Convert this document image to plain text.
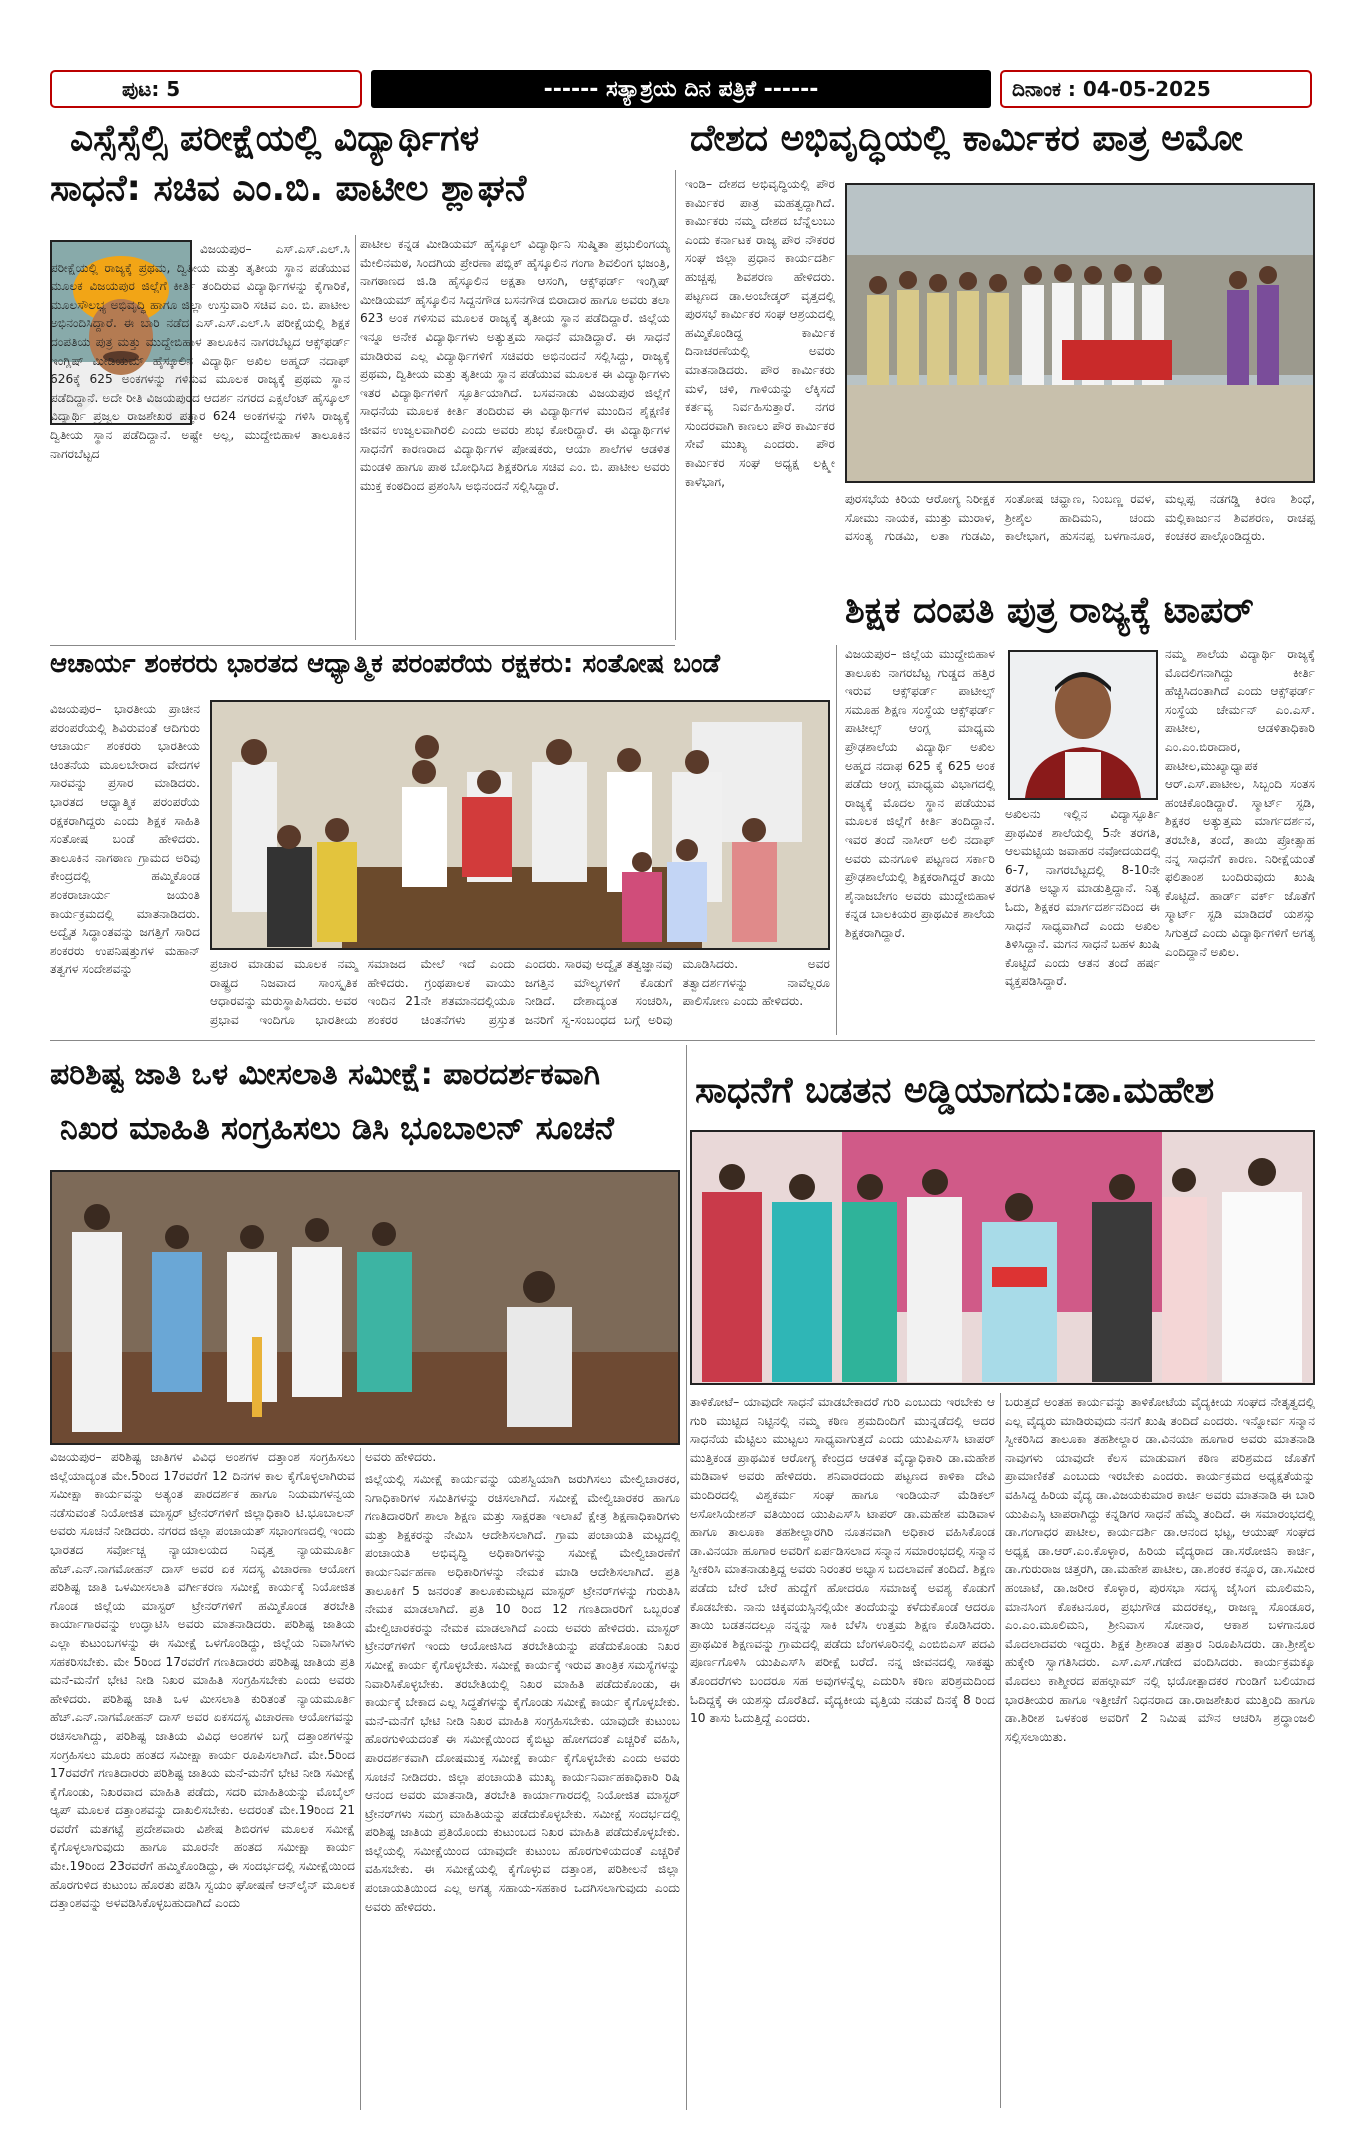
ಪುಟ: 5	------ ಸತ್ಯಾಶ್ರಯ ದಿನ ಪತ್ರಿಕೆ ------	ದಿನಾಂಕ : 04-05-2025
ಎಸ್ಸೆಸ್ಸೆಲ್ಸಿ ಪರೀಕ್ಷೆಯಲ್ಲಿ ವಿದ್ಯಾರ್ಥಿಗಳ
ಸಾಧನೆ: ಸಚಿವ ಎಂ.ಬಿ. ಪಾಟೀಲ ಶ್ಲಾಘನೆ
ವಿಜಯಪುರ– ಎಸ್.ಎಸ್.ಎಲ್.ಸಿ ಪರೀಕ್ಷೆಯಲ್ಲಿ ರಾಜ್ಯಕ್ಕೆ ಪ್ರಥಮ, ದ್ವಿತೀಯ ಮತ್ತು ತೃತೀಯ ಸ್ಥಾನ ಪಡೆಯುವ ಮೂಲಕ ವಿಜಯಪುರ ಜಿಲ್ಲೆಗೆ ಕೀರ್ತಿ ತಂದಿರುವ ವಿದ್ಯಾರ್ಥಿಗಳನ್ನು ಕೈಗಾರಿಕೆ, ಮೂಲಸೌಲಭ್ಯ ಅಭಿವೃದ್ಧಿ ಹಾಗೂ ಜಿಲ್ಲಾ ಉಸ್ತುವಾರಿ ಸಚಿವ ಎಂ. ಬಿ. ಪಾಟೀಲ ಅಭಿನಂದಿಸಿದ್ದಾರೆ. ಈ ಬಾರಿ ನಡೆದ ಎಸ್.ಎಸ್.ಎಲ್.ಸಿ ಪರೀಕ್ಷೆಯಲ್ಲಿ ಶಿಕ್ಷಕ ದಂಪತಿಯ ಪುತ್ರ ಮತ್ತು ಮುದ್ದೇಬಿಹಾಳ ತಾಲೂಕಿನ ನಾಗರಬೆಟ್ಟದ ಆಕ್ಸ್‌ಫರ್ಡ್ ಇಂಗ್ಲಿಷ್ ಮೀಡಿಯಮ್ ಹೈಸ್ಕೂಲಿನ ವಿದ್ಯಾರ್ಥಿ ಅಖಿಲ ಅಹ್ಮದ್ ನದಾಫ್ 626ಕ್ಕೆ 625 ಅಂಕಗಳನ್ನು ಗಳಿಸುವ ಮೂಲಕ ರಾಜ್ಯಕ್ಕೆ ಪ್ರಥಮ ಸ್ಥಾನ ಪಡೆದಿದ್ದಾನೆ. ಅದೇ ರೀತಿ ವಿಜಯಪುರದ ಆದರ್ಶ ನಗರದ ಎಕ್ಸಲೆಂಟ್ ಹೈಸ್ಕೂಲ್ ವಿದ್ಯಾರ್ಥಿ ಪ್ರಜ್ವಲ ರಾಜಶೇಖರ ಪತ್ತಾರ 624 ಅಂಕಗಳನ್ನು ಗಳಿಸಿ ರಾಜ್ಯಕ್ಕೆ ದ್ವಿತೀಯ ಸ್ಥಾನ ಪಡೆದಿದ್ದಾನೆ. ಅಷ್ಟೇ ಅಲ್ಲ, ಮುದ್ದೇಬಿಹಾಳ ತಾಲೂಕಿನ ನಾಗರಬೆಟ್ಟದ
ಪಾಟೀಲ ಕನ್ನಡ ಮೀಡಿಯಮ್ ಹೈಸ್ಕೂಲ್ ವಿದ್ಯಾರ್ಥಿನಿ ಸುಷ್ಮಿತಾ ಪ್ರಭುಲಿಂಗಯ್ಯ ಮೇಲಿನಮಠ, ಸಿಂದಗಿಯ ಪ್ರೇರಣಾ ಪಬ್ಲಿಕ್ ಹೈಸ್ಕೂಲಿನ ಗಂಗಾ ಶಿವಲಿಂಗ ಭಜಂತ್ರಿ, ನಾಗಠಾಣದ ಜಿ.ಡಿ ಹೈಸ್ಕೂಲಿನ ಅಕ್ಷತಾ ಆಸಂಗಿ, ಆಕ್ಸ್‌ಫರ್ಡ್ ಇಂಗ್ಲಿಷ್ ಮೀಡಿಯಮ್ ಹೈಸ್ಕೂಲಿನ ಸಿದ್ದನಗೌಡ ಬಸನಗೌಡ ಬಿರಾದಾರ ಹಾಗೂ ಅವರು ತಲಾ 623 ಅಂಕ ಗಳಿಸುವ ಮೂಲಕ ರಾಜ್ಯಕ್ಕೆ ತೃತೀಯ ಸ್ಥಾನ ಪಡೆದಿದ್ದಾರೆ. ಜಿಲ್ಲೆಯ ಇನ್ನೂ ಅನೇಕ ವಿದ್ಯಾರ್ಥಿಗಳು ಅತ್ಯುತ್ತಮ ಸಾಧನೆ ಮಾಡಿದ್ದಾರೆ. ಈ ಸಾಧನೆ ಮಾಡಿರುವ ಎಲ್ಲ ವಿದ್ಯಾರ್ಥಿಗಳಿಗೆ ಸಚಿವರು ಅಭಿನಂದನೆ ಸಲ್ಲಿಸಿದ್ದು, ರಾಜ್ಯಕ್ಕೆ ಪ್ರಥಮ, ದ್ವಿತೀಯ ಮತ್ತು ತೃತೀಯ ಸ್ಥಾನ ಪಡೆಯುವ ಮೂಲಕ ಈ ವಿದ್ಯಾರ್ಥಿಗಳು ಇತರ ವಿದ್ಯಾರ್ಥಿಗಳಿಗೆ ಸ್ಫೂರ್ತಿಯಾಗಿದೆ. ಬಸವನಾಡು ವಿಜಯಪುರ ಜಿಲ್ಲೆಗೆ ಸಾಧನೆಯ ಮೂಲಕ ಕೀರ್ತಿ ತಂದಿರುವ ಈ ವಿದ್ಯಾರ್ಥಿಗಳ ಮುಂದಿನ ಶೈಕ್ಷಣಿಕ ಜೀವನ ಉಜ್ವಲವಾಗಿರಲಿ ಎಂದು ಅವರು ಶುಭ ಕೋರಿದ್ದಾರೆ. ಈ ವಿದ್ಯಾರ್ಥಿಗಳ ಸಾಧನೆಗೆ ಕಾರಣರಾದ ವಿದ್ಯಾರ್ಥಿಗಳ ಪೋಷಕರು, ಆಯಾ ಶಾಲೆಗಳ ಆಡಳಿತ ಮಂಡಳಿ ಹಾಗೂ ಪಾಠ ಬೋಧಿಸಿದ ಶಿಕ್ಷಕರಿಗೂ ಸಚಿವ ಎಂ. ಬಿ. ಪಾಟೀಲ ಅವರು ಮುಕ್ತ ಕಂಠದಿಂದ ಪ್ರಶಂಸಿಸಿ ಅಭಿನಂದನೆ ಸಲ್ಲಿಸಿದ್ದಾರೆ.
ದೇಶದ ಅಭಿವೃದ್ಧಿಯಲ್ಲಿ ಕಾರ್ಮಿಕರ ಪಾತ್ರ ಅಮೋ
ಇಂಡಿ– ದೇಶದ ಅಭಿವೃದ್ಧಿಯಲ್ಲಿ ಪೌರ ಕಾರ್ಮಿಕರ ಪಾತ್ರ ಮಹತ್ವದ್ದಾಗಿದೆ. ಕಾರ್ಮಿಕರು ನಮ್ಮ ದೇಶದ ಬೆನ್ನೆಲುಬು ಎಂದು ಕರ್ನಾಟಕ ರಾಜ್ಯ ಪೌರ ನೌಕರರ ಸಂಘ ಜಿಲ್ಲಾ ಪ್ರಧಾನ ಕಾರ್ಯದರ್ಶಿ ಹುಚ್ಚಪ್ಪ ಶಿವಶರಣ ಹೇಳಿದರು. ಪಟ್ಟಣದ ಡಾ.ಅಂಬೇಡ್ಕರ್ ವೃತ್ತದಲ್ಲಿ ಪುರಸಭೆ ಕಾರ್ಮಿಕರ ಸಂಘ ಆಶ್ರಯದಲ್ಲಿ ಹಮ್ಮಿಕೊಂಡಿದ್ದ ಕಾರ್ಮಿಕ ದಿನಾಚರಣೆಯಲ್ಲಿ ಅವರು ಮಾತನಾಡಿದರು. ಪೌರ ಕಾರ್ಮಿಕರು ಮಳೆ, ಚಳಿ, ಗಾಳಿಯನ್ನು ಲೆಕ್ಕಿಸದೆ ಕರ್ತವ್ಯ ನಿರ್ವಹಿಸುತ್ತಾರೆ. ನಗರ ಸುಂದರವಾಗಿ ಕಾಣಲು ಪೌರ ಕಾರ್ಮಿಕರ ಸೇವೆ ಮುಖ್ಯ ಎಂದರು. ಪೌರ ಕಾರ್ಮಿಕರ ಸಂಘ ಅಧ್ಯಕ್ಷ ಲಕ್ಷ್ಮೀ ಕಾಳೆಭಾಗ,
ಪುರಸಭೆಯ ಕಿರಿಯ ಆರೋಗ್ಯ ನಿರೀಕ್ಷಕ ಸೋಮು ನಾಯಕ, ಮುತ್ತು ಮುರಾಳ, ವಸಂತ್ಯ ಗುಡಮಿ, ಲತಾ ಗುಡಮಿ, ಸಂತೋಷ ಚವ್ಹಾಣ, ನಿಂಬಣ್ಣ ರವಳ, ಶ್ರೀಶೈಲ ಹಾದಿಮನಿ, ಚಂದು ಕಾಲೇಭಾಗ, ಹುಸನಪ್ಪ ಬಳಗಾನೂರ, ಮಲ್ಲಪ್ಪ ನಡಗಡ್ಡಿ ಕಿರಣ ಶಿಂಧೆ, ಮಲ್ಲಿಕಾರ್ಜುನ ಶಿವಶರಣ, ರಾಚಪ್ಪ ಕಂಚಕರ ಪಾಲ್ಗೊಂಡಿದ್ದರು.
ಆಚಾರ್ಯ ಶಂಕರರು ಭಾರತದ ಆಧ್ಯಾತ್ಮಿಕ ಪರಂಪರೆಯ ರಕ್ಷಕರು: ಸಂತೋಷ ಬಂಡೆ
ವಿಜಯಪುರ– ಭಾರತೀಯ ಪ್ರಾಚೀನ ಪರಂಪರೆಯಲ್ಲಿ ಶಿವಿರುವಂತೆ ಆದಿಗುರು ಆಚಾರ್ಯ ಶಂಕರರು ಭಾರತೀಯ ಚಿಂತನೆಯ ಮೂಲಬೇರಾದ ವೇದಗಳ ಸಾರವನ್ನು ಪ್ರಸಾರ ಮಾಡಿದರು. ಭಾರತದ ಆಧ್ಯಾತ್ಮಿಕ ಪರಂಪರೆಯ ರಕ್ಷಕರಾಗಿದ್ದರು ಎಂದು ಶಿಕ್ಷಕ ಸಾಹಿತಿ ಸಂತೋಷ ಬಂಡೆ ಹೇಳಿದರು. ತಾಲೂಕಿನ ನಾಗಠಾಣ ಗ್ರಾಮದ ಅರಿವು ಕೇಂದ್ರದಲ್ಲಿ ಹಮ್ಮಿಕೊಂಡ ಶಂಕರಾಚಾರ್ಯ ಜಯಂತಿ ಕಾರ್ಯಕ್ರಮದಲ್ಲಿ ಮಾತನಾಡಿದರು. ಅದ್ವೈತ ಸಿದ್ಧಾಂತವನ್ನು ಜಗತ್ತಿಗೆ ಸಾರಿದ ಶಂಕರರು ಉಪನಿಷತ್ತುಗಳ ಮಹಾನ್ ತತ್ವಗಳ ಸಂದೇಶವನ್ನು	ಪ್ರಚಾರ ಮಾಡುವ ಮೂಲಕ ನಮ್ಮ ರಾಷ್ಟ್ರದ ನಿಜವಾದ ಸಾಂಸ್ಕೃತಿಕ ಆಧಾರವನ್ನು ಮರುಸ್ಥಾಪಿಸಿದರು. ಅವರ ಪ್ರಭಾವ ಇಂದಿಗೂ ಭಾರತೀಯ ಸಮಾಜದ ಮೇಲೆ ಇದೆ ಎಂದು ಹೇಳಿದರು. ಗ್ರಂಥಪಾಲಕ ವಾಯು ಇಂದಿನ 21ನೇ ಶತಮಾನದಲ್ಲಿಯೂ ಶಂಕರರ ಚಿಂತನೆಗಳು ಪ್ರಸ್ತುತ ಎಂದರು. ಸಾರವು ಅದ್ವೈತ ತತ್ವಜ್ಞಾನವು ಜಗತ್ತಿನ ಮೌಲ್ಯಗಳಿಗೆ ಕೊಡುಗೆ ನೀಡಿದೆ. ದೇಶಾದ್ಯಂತ ಸಂಚರಿಸಿ, ಜನರಿಗೆ ಸ್ವ-ಸಂಬಂಧದ ಬಗ್ಗೆ ಅರಿವು ಮೂಡಿಸಿದರು. ಅವರ ತತ್ವಾದರ್ಶಗಳನ್ನು ನಾವೆಲ್ಲರೂ ಪಾಲಿಸೋಣ ಎಂದು ಹೇಳಿದರು.
ಶಿಕ್ಷಕ ದಂಪತಿ ಪುತ್ರ ರಾಜ್ಯಕ್ಕೆ ಟಾಪರ್
ವಿಜಯಪುರ– ಜಿಲ್ಲೆಯ ಮುದ್ದೇಬಿಹಾಳ ತಾಲೂಕು ನಾಗರಬೆಟ್ಟ ಗುಡ್ಡದ ಹತ್ತಿರ ಇರುವ ಆಕ್ಸ್‌ಫರ್ಡ್ ಪಾಟೀಲ್ಸ್ ಸಮೂಹ ಶಿಕ್ಷಣ ಸಂಸ್ಥೆಯ ಆಕ್ಸ್‌ಫರ್ಡ್ ಪಾಟೀಲ್ಸ್ ಆಂಗ್ಲ ಮಾಧ್ಯಮ ಪ್ರೌಢಶಾಲೆಯ ವಿದ್ಯಾರ್ಥಿ ಅಖಿಲ ಅಹ್ಮದ ನದಾಫ 625 ಕ್ಕೆ 625 ಅಂಕ ಪಡೆದು ಆಂಗ್ಲ ಮಾಧ್ಯಮ ವಿಭಾಗದಲ್ಲಿ ರಾಜ್ಯಕ್ಕೆ ಮೊದಲ ಸ್ಥಾನ ಪಡೆಯುವ ಮೂಲಕ ಜಿಲ್ಲೆಗೆ ಕೀರ್ತಿ ತಂದಿದ್ದಾನೆ. ಇವರ ತಂದೆ ನಾಸೀರ್ ಅಲಿ ನದಾಫ್ ಅವರು ಮನಗೂಳಿ ಪಟ್ಟಣದ ಸರ್ಕಾರಿ ಪ್ರೌಢಶಾಲೆಯಲ್ಲಿ ಶಿಕ್ಷಕರಾಗಿದ್ದರೆ ತಾಯಿ ಶೈನಾಜಬೇಗಂ ಅವರು ಮುದ್ದೇಬಿಹಾಳ ಕನ್ನಡ ಬಾಲಕಿಯರ ಪ್ರಾಥಮಿಕ ಶಾಲೆಯ ಶಿಕ್ಷಕರಾಗಿದ್ದಾರೆ.
ಅಖಿಲನು ಇಲ್ಲಿನ ವಿದ್ಯಾಸ್ಫೂರ್ತಿ ಪ್ರಾಥಮಿಕ ಶಾಲೆಯಲ್ಲಿ 5ನೇ ತರಗತಿ, ಆಲಮಟ್ಟಿಯ ಜವಾಹರ ನವೋದಯದಲ್ಲಿ 6-7, ನಾಗರಬೆಟ್ಟದಲ್ಲಿ 8-10ನೇ ತರಗತಿ ಅಭ್ಯಾಸ ಮಾಡುತ್ತಿದ್ದಾನೆ. ನಿತ್ಯ ಓದು, ಶಿಕ್ಷಕರ ಮಾರ್ಗದರ್ಶನದಿಂದ ಈ ಸಾಧನೆ ಸಾಧ್ಯವಾಗಿದೆ ಎಂದು ಅಖಿಲ ತಿಳಿಸಿದ್ದಾನೆ. ಮಗನ ಸಾಧನೆ ಬಹಳ ಖುಷಿ ಕೊಟ್ಟಿದೆ ಎಂದು ಆತನ ತಂದೆ ಹರ್ಷ ವ್ಯಕ್ತಪಡಿಸಿದ್ದಾರೆ.
ನಮ್ಮ ಶಾಲೆಯ ವಿದ್ಯಾರ್ಥಿ ರಾಜ್ಯಕ್ಕೆ ಮೊದಲಿಗನಾಗಿದ್ದು ಕೀರ್ತಿ ಹೆಚ್ಚಿಸಿದಂತಾಗಿದೆ ಎಂದು ಆಕ್ಸ್‌ಫರ್ಡ್ ಸಂಸ್ಥೆಯ ಚೇರ್ಮನ್ ಎಂ.ಎಸ್. ಪಾಟೀಲ, ಆಡಳಿತಾಧಿಕಾರಿ ಎಂ.ಎಂ.ಬಿರಾದಾರ, ಪಾಟೀಲ,ಮುಖ್ಯಾಧ್ಯಾಪಕ ಆರ್.ಎಸ್.ಪಾಟೀಲ, ಸಿಬ್ಬಂದಿ ಸಂತಸ ಹಂಚಿಕೊಂಡಿದ್ದಾರೆ. ಸ್ಮಾರ್ಟ್ ಸ್ಟಡಿ, ಶಿಕ್ಷಕರ ಅತ್ಯುತ್ತಮ ಮಾರ್ಗದರ್ಶನ, ತರಬೇತಿ, ತಂದೆ, ತಾಯಿ ಪ್ರೋತ್ಸಾಹ ನನ್ನ ಸಾಧನೆಗೆ ಕಾರಣ. ನಿರೀಕ್ಷೆಯಂತೆ ಫಲಿತಾಂಶ ಬಂದಿರುವುದು ಖುಷಿ ಕೊಟ್ಟಿದೆ. ಹಾರ್ಡ್ ವರ್ಕ್ ಜೊತೆಗೆ ಸ್ಮಾರ್ಟ್ ಸ್ಟಡಿ ಮಾಡಿದರೆ ಯಶಸ್ಸು ಸಿಗುತ್ತದೆ ಎಂದು ವಿದ್ಯಾರ್ಥಿಗಳಿಗೆ ಅಗತ್ಯ ಎಂದಿದ್ದಾನೆ ಅಖಿಲ.
ಪರಿಶಿಷ್ಟ ಜಾತಿ ಒಳ ಮೀಸಲಾತಿ ಸಮೀಕ್ಷೆ: ಪಾರದರ್ಶಕವಾಗಿ
ನಿಖರ ಮಾಹಿತಿ ಸಂಗ್ರಹಿಸಲು ಡಿಸಿ ಭೂಬಾಲನ್ ಸೂಚನೆ
ಅವರು ಹೇಳಿದರು.
ವಿಜಯಪುರ– ಪರಿಶಿಷ್ಟ ಜಾತಿಗಳ ವಿವಿಧ ಅಂಶಗಳ ದತ್ತಾಂಶ ಸಂಗ್ರಹಿಸಲು ಜಿಲ್ಲೆಯಾದ್ಯಂತ ಮೇ.5ರಿಂದ 17ರವರೆಗೆ 12 ದಿನಗಳ ಕಾಲ ಕೈಗೊಳ್ಳಲಾಗಿರುವ ಸಮೀಕ್ಷಾ ಕಾರ್ಯವನ್ನು ಅತ್ಯಂತ ಪಾರದರ್ಶಕ ಹಾಗೂ ನಿಯಮಗಳನ್ವಯ ನಡೆಸುವಂತೆ ನಿಯೋಜಿತ ಮಾಸ್ಟರ್ ಟ್ರೇನರ್‌ಗಳಿಗೆ ಜಿಲ್ಲಾಧಿಕಾರಿ ಟಿ.ಭೂಬಾಲನ್ ಅವರು ಸೂಚನೆ ನೀಡಿದರು. ನಗರದ ಜಿಲ್ಲಾ ಪಂಚಾಯತ್ ಸಭಾಂಗಣದಲ್ಲಿ ಇಂದು ಭಾರತದ ಸರ್ವೋಚ್ಚ ನ್ಯಾಯಾಲಯದ ನಿವೃತ್ತ ನ್ಯಾಯಮೂರ್ತಿ ಹೆಚ್.ಎನ್.ನಾಗಮೋಹನ್ ದಾಸ್ ಅವರ ಏಕ ಸದಸ್ಯ ವಿಚಾರಣಾ ಆಯೋಗ ಪರಿಶಿಷ್ಟ ಜಾತಿ ಒಳಮೀಸಲಾತಿ ವರ್ಗೀಕರಣ ಸಮೀಕ್ಷೆ ಕಾರ್ಯಕ್ಕೆ ನಿಯೋಜಿತ ಗೊಂಡ ಜಿಲ್ಲೆಯ ಮಾಸ್ಟರ್ ಟ್ರೇನರ್‌ಗಳಿಗೆ ಹಮ್ಮಿಕೊಂಡ ತರಬೇತಿ ಕಾರ್ಯಾಗಾರವನ್ನು ಉದ್ಘಾಟಿಸಿ ಅವರು ಮಾತನಾಡಿದರು. ಪರಿಶಿಷ್ಟ ಜಾತಿಯ ಎಲ್ಲಾ ಕುಟುಂಬಗಳನ್ನು ಈ ಸಮೀಕ್ಷೆ ಒಳಗೊಂಡಿದ್ದು, ಜಿಲ್ಲೆಯ ನಿವಾಸಿಗಳು ಸಹಕರಿಸಬೇಕು. ಮೇ 5ರಿಂದ 17ರವರೆಗೆ ಗಣತಿದಾರರು ಪರಿಶಿಷ್ಟ ಜಾತಿಯ ಪ್ರತಿ ಮನೆ-ಮನೆಗೆ ಭೇಟಿ ನೀಡಿ ನಿಖರ ಮಾಹಿತಿ ಸಂಗ್ರಹಿಸಬೇಕು ಎಂದು ಅವರು ಹೇಳಿದರು. ಪರಿಶಿಷ್ಟ ಜಾತಿ ಒಳ ಮೀಸಲಾತಿ ಕುರಿತಂತೆ ನ್ಯಾಯಮೂರ್ತಿ ಹೆಚ್.ಎನ್.ನಾಗಮೋಹನ್ ದಾಸ್ ಅವರ ಏಕಸದಸ್ಯ ವಿಚಾರಣಾ ಆಯೋಗವನ್ನು ರಚಿಸಲಾಗಿದ್ದು, ಪರಿಶಿಷ್ಟ ಜಾತಿಯ ವಿವಿಧ ಅಂಶಗಳ ಬಗ್ಗೆ ದತ್ತಾಂಶಗಳನ್ನು ಸಂಗ್ರಹಿಸಲು ಮೂರು ಹಂತದ ಸಮೀಕ್ಷಾ ಕಾರ್ಯ ರೂಪಿಸಲಾಗಿದೆ. ಮೇ.5ರಿಂದ 17ರವರೆಗೆ ಗಣತಿದಾರರು ಪರಿಶಿಷ್ಟ ಜಾತಿಯ ಮನೆ-ಮನೆಗೆ ಭೇಟಿ ನೀಡಿ ಸಮೀಕ್ಷೆ ಕೈಗೊಂಡು, ನಿಖರವಾದ ಮಾಹಿತಿ ಪಡೆದು, ಸದರಿ ಮಾಹಿತಿಯನ್ನು ಮೊಬೈಲ್ ಆ್ಯಪ್ ಮೂಲಕ ದತ್ತಾಂಶವನ್ನು ದಾಖಲಿಸಬೇಕು. ಅದರಂತೆ ಮೇ.19ರಿಂದ 21 ರವರೆಗೆ ಮತಗಟ್ಟೆ ಪ್ರದೇಶವಾರು ವಿಶೇಷ ಶಿಬಿರಗಳ ಮೂಲಕ ಸಮೀಕ್ಷೆ ಕೈಗೊಳ್ಳಲಾಗುವುದು ಹಾಗೂ ಮೂರನೇ ಹಂತದ ಸಮೀಕ್ಷಾ ಕಾರ್ಯ ಮೇ.19ರಿಂದ 23ರವರೆಗೆ ಹಮ್ಮಿಕೊಂಡಿದ್ದು, ಈ ಸಂದರ್ಭದಲ್ಲಿ ಸಮೀಕ್ಷೆಯಿಂದ ಹೊರಗುಳಿದ ಕುಟುಂಬ ಹೊರತು ಪಡಿಸಿ ಸ್ವಯಂ ಘೋಷಣೆ ಆನ್‌ಲೈನ್ ಮೂಲಕ ದತ್ತಾಂಶವನ್ನು ಅಳವಡಿಸಿಕೊಳ್ಳಬಹುದಾಗಿದೆ ಎಂದು
ಜಿಲ್ಲೆಯಲ್ಲಿ ಸಮೀಕ್ಷೆ ಕಾರ್ಯವನ್ನು ಯಶಸ್ವಿಯಾಗಿ ಜರುಗಿಸಲು ಮೇಲ್ವಿಚಾರಕರ, ನಿಗಾಧಿಕಾರಿಗಳ ಸಮಿತಿಗಳನ್ನು ರಚಿಸಲಾಗಿದೆ. ಸಮೀಕ್ಷೆ ಮೇಲ್ವಿಚಾರಕರ ಹಾಗೂ ಗಣತಿದಾರರಿಗೆ ಶಾಲಾ ಶಿಕ್ಷಣ ಮತ್ತು ಸಾಕ್ಷರತಾ ಇಲಾಖೆ ಕ್ಷೇತ್ರ ಶಿಕ್ಷಣಾಧಿಕಾರಿಗಳು ಮತ್ತು ಶಿಕ್ಷಕರನ್ನು ನೇಮಿಸಿ ಆದೇಶಿಸಲಾಗಿದೆ. ಗ್ರಾಮ ಪಂಚಾಯತಿ ಮಟ್ಟದಲ್ಲಿ ಪಂಚಾಯತಿ ಅಭಿವೃದ್ಧಿ ಅಧಿಕಾರಿಗಳನ್ನು ಸಮೀಕ್ಷೆ ಮೇಲ್ವಿಚಾರಣೆಗೆ ಕಾರ್ಯನಿರ್ವಹಣಾ ಅಧಿಕಾರಿಗಳನ್ನು ನೇಮಕ ಮಾಡಿ ಆದೇಶಿಸಲಾಗಿದೆ. ಪ್ರತಿ ತಾಲೂಕಿಗೆ 5 ಜನರಂತೆ ತಾಲೂಕುಮಟ್ಟದ ಮಾಸ್ಟರ್ ಟ್ರೇನರ್‌ಗಳನ್ನು ಗುರುತಿಸಿ ನೇಮಕ ಮಾಡಲಾಗಿದೆ. ಪ್ರತಿ 10 ರಿಂದ 12 ಗಣತಿದಾರರಿಗೆ ಒಬ್ಬರಂತೆ ಮೇಲ್ವಿಚಾರಕರನ್ನು ನೇಮಕ ಮಾಡಲಾಗಿದೆ ಎಂದು ಅವರು ಹೇಳಿದರು. ಮಾಸ್ಟರ್ ಟ್ರೇನರ್‌ಗಳಿಗೆ ಇಂದು ಆಯೋಜಿಸಿದ ತರಬೇತಿಯನ್ನು ಪಡೆದುಕೊಂಡು ನಿಖರ ಸಮೀಕ್ಷೆ ಕಾರ್ಯ ಕೈಗೊಳ್ಳಬೇಕು. ಸಮೀಕ್ಷೆ ಕಾರ್ಯಕ್ಕೆ ಇರುವ ತಾಂತ್ರಿಕ ಸಮಸ್ಯೆಗಳನ್ನು ನಿವಾರಿಸಿಕೊಳ್ಳಬೇಕು. ತರಬೇತಿಯಲ್ಲಿ ನಿಖರ ಮಾಹಿತಿ ಪಡೆದುಕೊಂಡು, ಈ ಕಾರ್ಯಕ್ಕೆ ಬೇಕಾದ ಎಲ್ಲ ಸಿದ್ಧತೆಗಳನ್ನು ಕೈಗೊಂಡು ಸಮೀಕ್ಷೆ ಕಾರ್ಯ ಕೈಗೊಳ್ಳಬೇಕು. ಮನೆ-ಮನೆಗೆ ಭೇಟಿ ನೀಡಿ ನಿಖರ ಮಾಹಿತಿ ಸಂಗ್ರಹಿಸಬೇಕು. ಯಾವುದೇ ಕುಟುಂಬ ಹೊರಗುಳಿಯದಂತೆ ಈ ಸಮೀಕ್ಷೆಯಿಂದ ಕೈಬಿಟ್ಟು ಹೋಗದಂತೆ ಎಚ್ಚರಿಕೆ ವಹಿಸಿ, ಪಾರದರ್ಶಕವಾಗಿ ದೋಷಮುಕ್ತ ಸಮೀಕ್ಷೆ ಕಾರ್ಯ ಕೈಗೊಳ್ಳಬೇಕು ಎಂದು ಅವರು ಸೂಚನೆ ನೀಡಿದರು. ಜಿಲ್ಲಾ ಪಂಚಾಯತಿ ಮುಖ್ಯ ಕಾರ್ಯನಿರ್ವಾಹಕಾಧಿಕಾರಿ ರಿಷಿ ಆನಂದ ಅವರು ಮಾತನಾಡಿ, ತರಬೇತಿ ಕಾರ್ಯಾಗಾರದಲ್ಲಿ ನಿಯೋಜಿತ ಮಾಸ್ಟರ್ ಟ್ರೇನರ್‌ಗಳು ಸಮಗ್ರ ಮಾಹಿತಿಯನ್ನು ಪಡೆದುಕೊಳ್ಳಬೇಕು. ಸಮೀಕ್ಷೆ ಸಂದರ್ಭದಲ್ಲಿ ಪರಿಶಿಷ್ಟ ಜಾತಿಯ ಪ್ರತಿಯೊಂದು ಕುಟುಂಬದ ನಿಖರ ಮಾಹಿತಿ ಪಡೆದುಕೊಳ್ಳಬೇಕು. ಜಿಲ್ಲೆಯಲ್ಲಿ ಸಮೀಕ್ಷೆಯಿಂದ ಯಾವುದೇ ಕುಟುಂಬ ಹೊರಗುಳಿಯದಂತೆ ಎಚ್ಚರಿಕೆ ವಹಿಸಬೇಕು. ಈ ಸಮೀಕ್ಷೆಯಲ್ಲಿ ಕೈಗೊಳ್ಳುವ ದತ್ತಾಂಶ, ಪರಿಶೀಲನೆ ಜಿಲ್ಲಾ ಪಂಚಾಯತಿಯಿಂದ ಎಲ್ಲ ಅಗತ್ಯ ಸಹಾಯ-ಸಹಕಾರ ಒದಗಿಸಲಾಗುವುದು ಎಂದು ಅವರು ಹೇಳಿದರು.
ಸಾಧನೆಗೆ ಬಡತನ ಅಡ್ಡಿಯಾಗದು:ಡಾ.ಮಹೇಶ
ತಾಳಿಕೋಟೆ– ಯಾವುದೇ ಸಾಧನೆ ಮಾಡಬೇಕಾದರೆ ಗುರಿ ಎಂಬುದು ಇರಬೇಕು ಆ ಗುರಿ ಮುಟ್ಟಿದ ನಿಟ್ಟಿನಲ್ಲಿ ನಮ್ಮ ಕಠಿಣ ಶ್ರಮದಿಂದಿಗೆ ಮುನ್ನಡೆದಲ್ಲಿ ಅದರ ಸಾಧನೆಯ ಮೆಟ್ಟಿಲು ಮುಟ್ಟಲು ಸಾಧ್ಯವಾಗುತ್ತದೆ ಎಂದು ಯುಪಿಎಸ್‌ಸಿ ಟಾಪರ್ ಮುತ್ತಿಕಂಡ ಪ್ರಾಥಮಿಕ ಆರೋಗ್ಯ ಕೇಂದ್ರದ ಆಡಳಿತ ವೈದ್ಯಾಧಿಕಾರಿ ಡಾ.ಮಹೇಶ ಮಡಿವಾಳ ಅವರು ಹೇಳಿದರು. ಶನಿವಾರದಂದು ಪಟ್ಟಣದ ಕಾಳಿಕಾ ದೇವಿ ಮಂದಿರದಲ್ಲಿ ವಿಶ್ವಕರ್ಮ ಸಂಘ ಹಾಗೂ ಇಂಡಿಯನ್ ಮೆಡಿಕಲ್ ಅಸೋಸಿಯೇಶನ್ ವತಿಯಿಂದ ಯುಪಿಎಸ್‌ಸಿ ಟಾಪರ್ ಡಾ.ಮಹೇಶ ಮಡಿವಾಳ ಹಾಗೂ ತಾಲೂಕಾ ತಹಶೀಲ್ದಾರಗಿರಿ ನೂತನವಾಗಿ ಅಧಿಕಾರ ವಹಿಸಿಕೊಂಡ ಡಾ.ವಿನಯಾ ಹೂಗಾರ ಅವರಿಗೆ ಏರ್ಪಡಿಸಲಾದ ಸನ್ಮಾನ ಸಮಾರಂಭದಲ್ಲಿ ಸನ್ಮಾನ ಸ್ವೀಕರಿಸಿ ಮಾತನಾಡುತ್ತಿದ್ದ ಅವರು ನಿರಂತರ ಅಭ್ಯಾಸ ಬದಲಾವಣೆ ತಂದಿದೆ. ಶಿಕ್ಷಣ ಪಡೆದು ಬೇರೆ ಬೇರೆ ಹುದ್ದೆಗೆ ಹೋದರೂ ಸಮಾಜಕ್ಕೆ ಅವಶ್ಯ ಕೊಡುಗೆ ಕೊಡಬೇಕು. ನಾನು ಚಿಕ್ಕವಯಸ್ಸಿನಲ್ಲಿಯೇ ತಂದೆಯನ್ನು ಕಳೆದುಕೊಂಡೆ ಆದರೂ ತಾಯಿ ಬಡತನದಲ್ಲೂ ನನ್ನನ್ನು ಸಾಕಿ ಬೆಳೆಸಿ ಉತ್ತಮ ಶಿಕ್ಷಣ ಕೊಡಿಸಿದರು. ಪ್ರಾಥಮಿಕ ಶಿಕ್ಷಣವನ್ನು ಗ್ರಾಮದಲ್ಲಿ ಪಡೆದು ಬೆಂಗಳೂರಿನಲ್ಲಿ ಎಂಬಿಬಿಎಸ್ ಪದವಿ ಪೂರ್ಣಗೊಳಿಸಿ ಯುಪಿಎಸ್‌ಸಿ ಪರೀಕ್ಷೆ ಬರೆದೆ. ನನ್ನ ಜೀವನದಲ್ಲಿ ಸಾಕಷ್ಟು ತೊಂದರೆಗಳು ಬಂದರೂ ಸಹ ಅವುಗಳನ್ನೆಲ್ಲ ಎದುರಿಸಿ ಕಠಿಣ ಪರಿಶ್ರಮದಿಂದ ಓದಿದ್ದಕ್ಕೆ ಈ ಯಶಸ್ಸು ದೊರೆತಿದೆ. ವೈದ್ಯಕೀಯ ವೃತ್ತಿಯ ನಡುವೆ ದಿನಕ್ಕೆ 8 ರಿಂದ 10 ತಾಸು ಓದುತ್ತಿದ್ದೆ ಎಂದರು.
ಬರುತ್ತದೆ ಅಂತಹ ಕಾರ್ಯವನ್ನು ತಾಳಿಕೋಟೆಯ ವೈದ್ಯಕೀಯ ಸಂಘದ ನೇತೃತ್ವದಲ್ಲಿ ಎಲ್ಲ ವೈದ್ಯರು ಮಾಡಿರುವುದು ನನಗೆ ಖುಷಿ ತಂದಿದೆ ಎಂದರು. ಇನ್ನೋರ್ವ ಸನ್ಮಾನ ಸ್ವೀಕರಿಸಿದ ತಾಲೂಕಾ ತಹಶೀಲ್ದಾರ ಡಾ.ವಿನಯಾ ಹೂಗಾರ ಅವರು ಮಾತನಾಡಿ ನಾವುಗಳು ಯಾವುದೇ ಕೆಲಸ ಮಾಡುವಾಗ ಕಠಿಣ ಪರಿಶ್ರಮದ ಜೊತೆಗೆ ಪ್ರಾಮಾಣಿಕತೆ ಎಂಬುದು ಇರಬೇಕು ಎಂದರು. ಕಾರ್ಯಕ್ರಮದ ಅಧ್ಯಕ್ಷತೆಯನ್ನು ವಹಿಸಿದ್ದ ಹಿರಿಯ ವೈದ್ಯ ಡಾ.ವಿಜಯಕುಮಾರ ಕಾರ್ಚಿ ಅವರು ಮಾತನಾಡಿ ಈ ಬಾರಿ ಯುಪಿಎಸ್ಸಿ ಟಾಪರಾಗಿದ್ದು ಕನ್ನಡಿಗರ ಸಾಧನೆ ಹೆಮ್ಮೆ ತಂದಿದೆ. ಈ ಸಮಾರಂಭದಲ್ಲಿ ಡಾ.ಗಂಗಾಧರ ಪಾಟೀಲ, ಕಾರ್ಯದರ್ಶಿ ಡಾ.ಆನಂದ ಭಟ್ಟ, ಆಯುಷ್ ಸಂಘದ ಅಧ್ಯಕ್ಷ ಡಾ.ಆರ್.ಎಂ.ಕೊಳ್ಳಾರ, ಹಿರಿಯ ವೈದ್ಯರಾದ ಡಾ.ಸರೋಜಿನಿ ಕಾರ್ಚಿ, ಡಾ.ಗುರುರಾಜ ಚಿತ್ತರಗಿ, ಡಾ.ಮಹೇಶ ಪಾಟೀಲ, ಡಾ.ಶಂಕರ ಕನ್ನೂರ, ಡಾ.ಸಮೀರ ಹಂಚಾಟೆ, ಡಾ.ಜರೀರ ಕೊಳ್ಳಾರ, ಪುರಸಭಾ ಸದಸ್ಯ ಜೈಸಿಂಗ ಮೂಲಿಮನಿ, ಮಾನಸಿಂಗ ಕೊಕಟನೂರ, ಪ್ರಭುಗೌಡ ಮದರಕಲ್ಲ, ರಾಜಣ್ಣ ಸೊಂಡೂರ, ಎಂ.ಎಂ.ಮೂಲಿಮನಿ, ಶ್ರೀನಿವಾಸ ಸೋನಾರ, ಆಕಾಶ ಬಳಗಾನೂರ ಮೊದಲಾದವರು ಇದ್ದರು. ಶಿಕ್ಷಕ ಶ್ರೀಶಾಂತ ಪತ್ತಾರ ನಿರೂಪಿಸಿದರು. ಡಾ.ಶ್ರೀಶೈಲ ಹುಕ್ಕೇರಿ ಸ್ವಾಗತಿಸಿದರು. ಎಸ್.ಎಸ್.ಗಡೇದ ವಂದಿಸಿದರು. ಕಾರ್ಯಕ್ರಮಕ್ಕೂ ಮೊದಲು ಕಾಶ್ಮೀರದ ಪಹಲ್ಗಾಮ್ ನಲ್ಲಿ ಭಯೋತ್ಪಾದಕರ ಗುಂಡಿಗೆ ಬಲಿಯಾದ ಭಾರತೀಯರ ಹಾಗೂ ಇತ್ತೀಚೆಗೆ ನಿಧನರಾದ ಡಾ.ರಾಜಶೇಖರ ಮುತ್ತಿಂದಿ ಹಾಗೂ ಡಾ.ಶಿರೀಶ ಒಳಕಂಠ ಅವರಿಗೆ 2 ನಿಮಿಷ ಮೌನ ಆಚರಿಸಿ ಶ್ರದ್ಧಾಂಜಲಿ ಸಲ್ಲಿಸಲಾಯಿತು.
